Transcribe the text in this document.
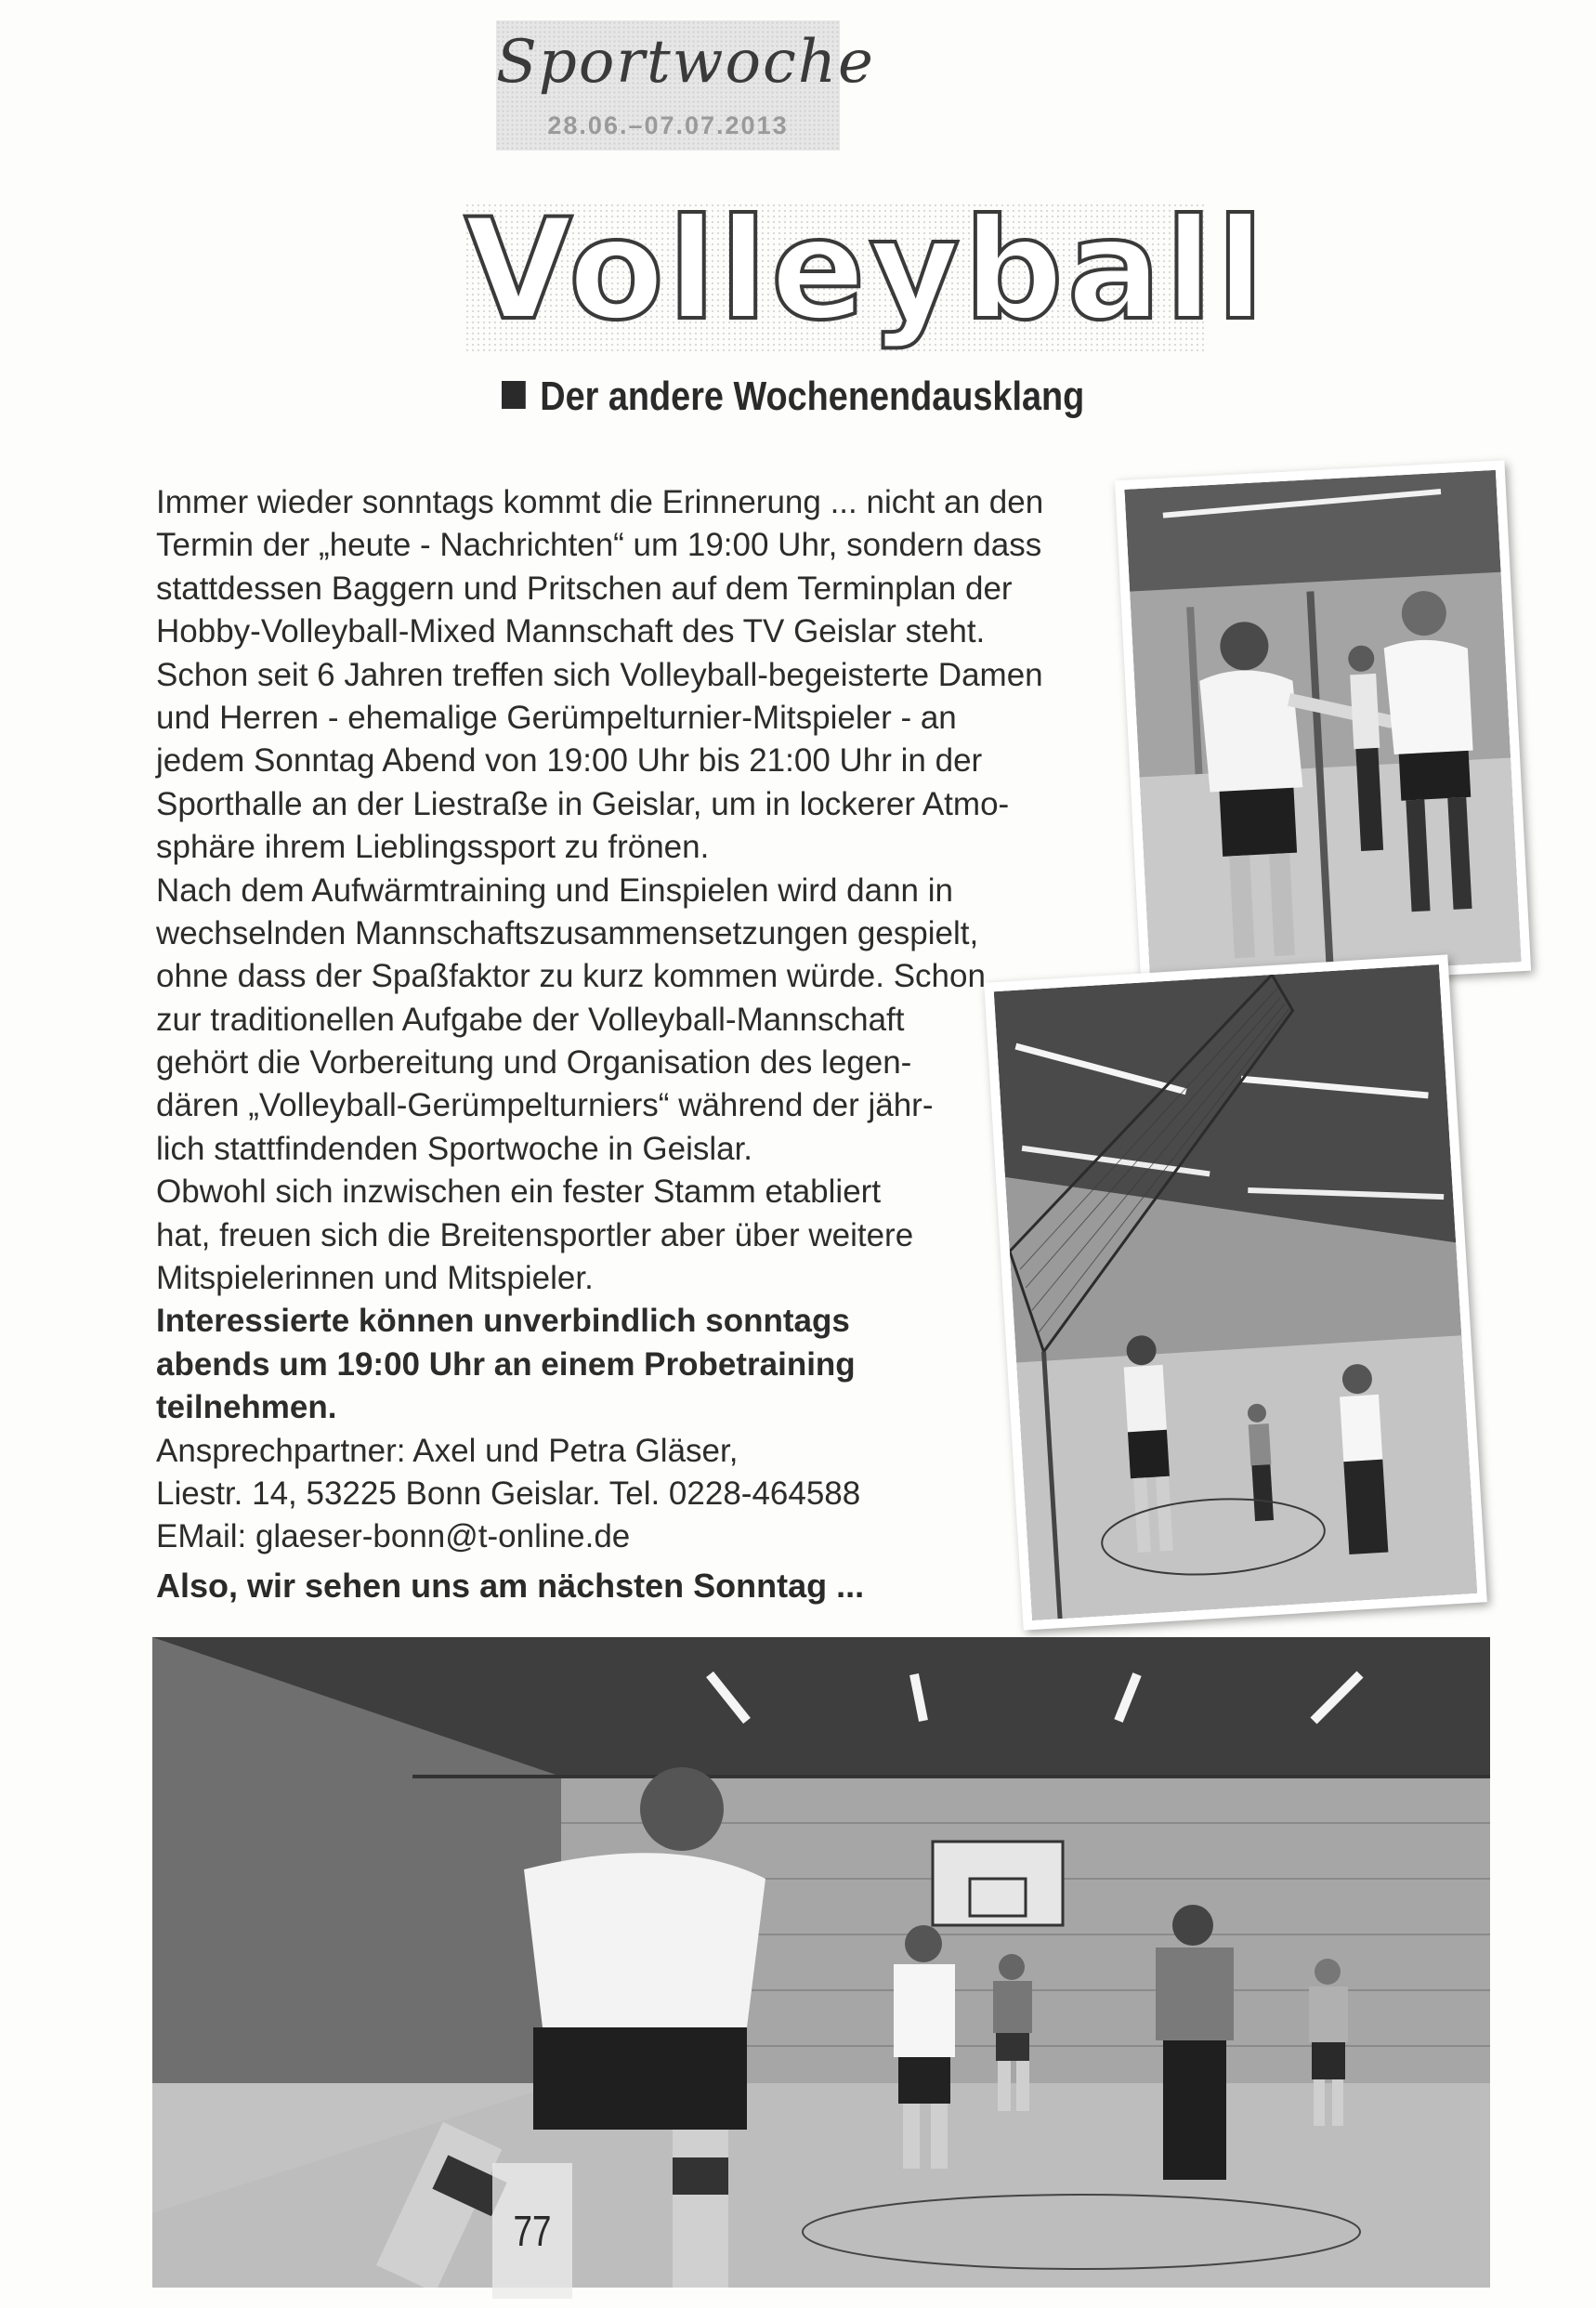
Sportwoche
28.06.–07.07.2013
Volleyball
Der andere Wochenendausklang
Immer wieder sonntags kommt die Erinnerung ... nicht an den
Termin der „heute - Nachrichten“ um 19:00 Uhr, sondern dass
stattdessen Baggern und Pritschen auf dem Terminplan der
Hobby-Volleyball-Mixed Mannschaft des TV Geislar steht.
Schon seit 6 Jahren treffen sich Volleyball-begeisterte Damen
und Herren - ehemalige Gerümpelturnier-Mitspieler - an
jedem Sonntag Abend von 19:00 Uhr bis 21:00 Uhr in der
Sporthalle an der Liestraße in Geislar, um in lockerer Atmo-
sphäre ihrem Lieblingssport zu frönen.
Nach dem Aufwärmtraining und Einspielen wird dann in
wechselnden Mannschaftszusammensetzungen gespielt,
ohne dass der Spaßfaktor zu kurz kommen würde. Schon
zur traditionellen Aufgabe der Volleyball-Mannschaft
gehört die Vorbereitung und Organisation des legen-
dären „Volleyball-Gerümpelturniers“ während der jähr-
lich stattfindenden Sportwoche in Geislar.
Obwohl sich inzwischen ein fester Stamm etabliert
hat, freuen sich die Breitensportler aber über weitere
Mitspielerinnen und Mitspieler.
Interessierte können unverbindlich sonntags
abends um 19:00 Uhr an einem Probetraining
teilnehmen.
Ansprechpartner: Axel und Petra Gläser,
Liestr. 14, 53225 Bonn Geislar. Tel. 0228-464588
EMail: glaeser-bonn@t-online.de
Also, wir sehen uns am nächsten Sonntag ...
77
